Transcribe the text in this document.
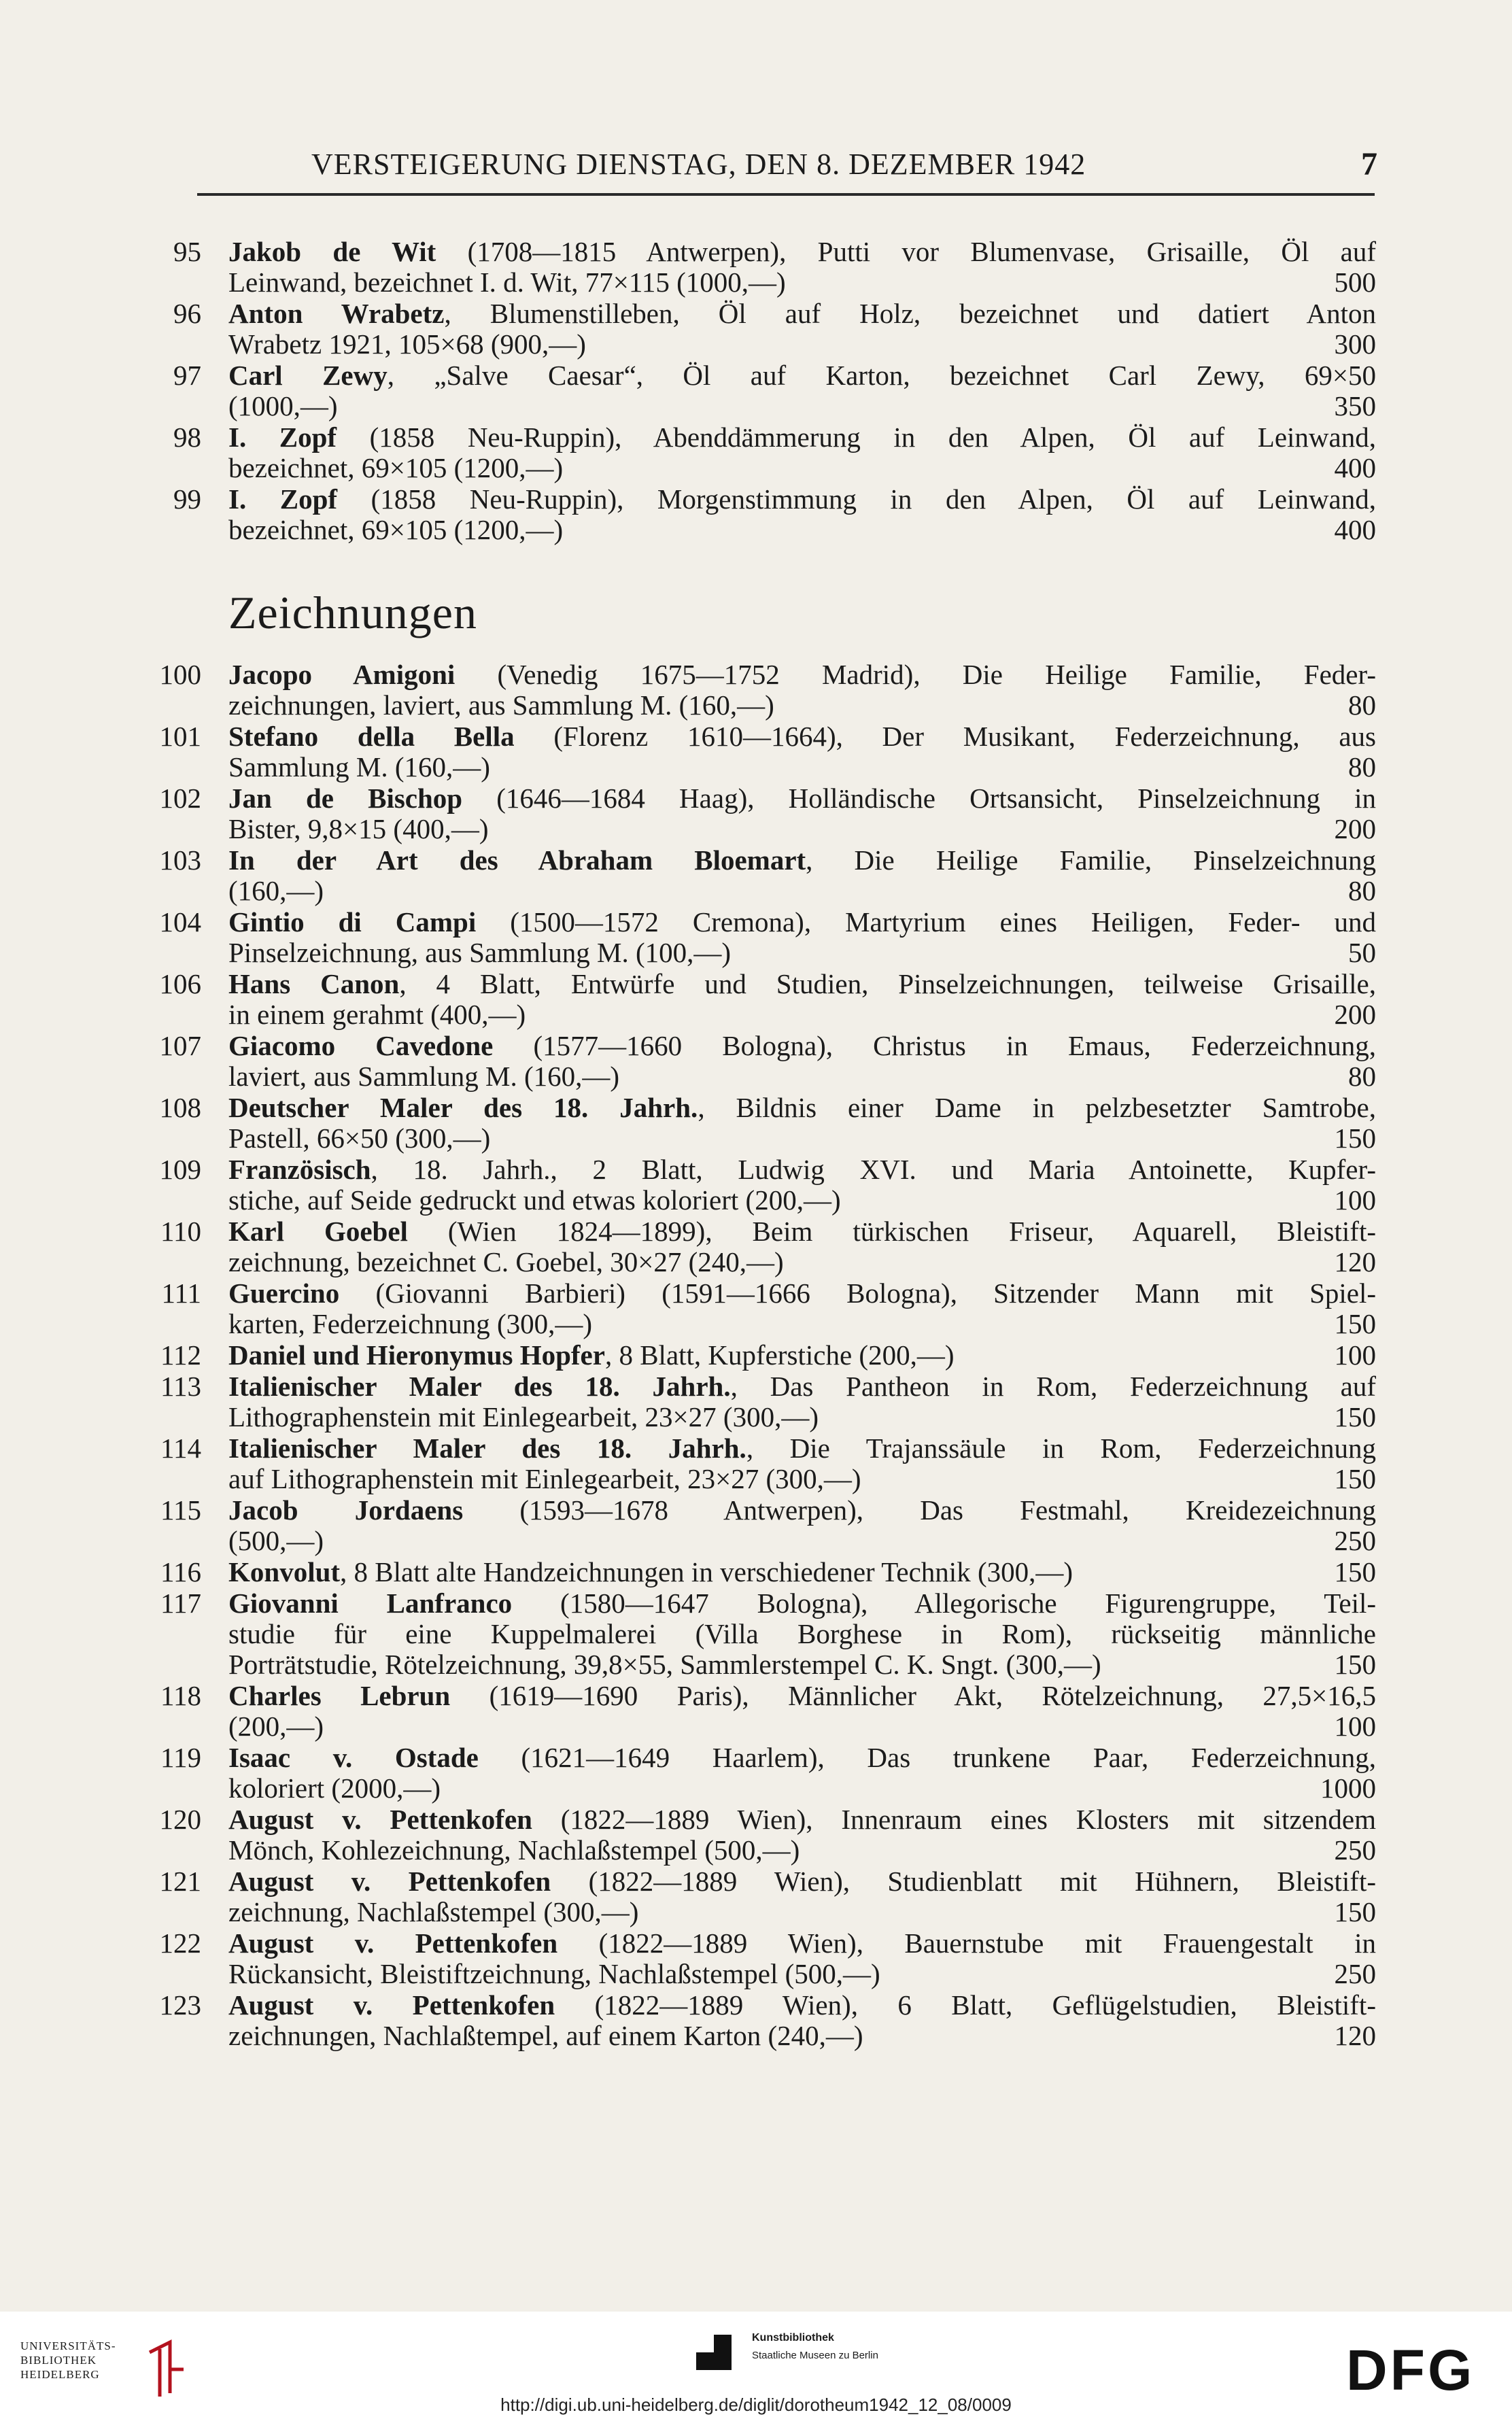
VERSTEIGERUNG DIENSTAG, DEN 8. DEZEMBER 1942	7
95 Jakob de Wit (1708—1815 Antwerpen), Putti vor Blumenvase, Grisaille, Öl auf
Leinwand, bezeichnet I. d. Wit, 77×115 (1000,—)	500
96 Anton Wrabetz, Blumenstilleben, Öl auf Holz, bezeichnet und datiert Anton
Wrabetz 1921, 105×68 (900,—)	300
97 Carl Zewy, „Salve Caesar“, Öl auf Karton, bezeichnet Carl Zewy, 69×50
(1000,—)	350
98 I. Zopf (1858 Neu-Ruppin), Abenddämmerung in den Alpen, Öl auf Leinwand,
bezeichnet, 69×105 (1200,—)	400
99 I. Zopf (1858 Neu-Ruppin), Morgenstimmung in den Alpen, Öl auf Leinwand,
bezeichnet, 69×105 (1200,—)	400
Zeichnungen
100 Jacopo Amigoni (Venedig 1675—1752 Madrid), Die Heilige Familie, Feder-
zeichnungen, laviert, aus Sammlung M. (160,—)	80
101 Stefano della Bella (Florenz 1610—1664), Der Musikant, Federzeichnung, aus
Sammlung M. (160,—)	80
102 Jan de Bischop (1646—1684 Haag), Holländische Ortsansicht, Pinselzeichnung in
Bister, 9,8×15 (400,—)	200
103 In der Art des Abraham Bloemart, Die Heilige Familie, Pinselzeichnung
(160,—)	80
104 Gintio di Campi (1500—1572 Cremona), Martyrium eines Heiligen, Feder- und
Pinselzeichnung, aus Sammlung M. (100,—)	50
106 Hans Canon, 4 Blatt, Entwürfe und Studien, Pinselzeichnungen, teilweise Grisaille,
in einem gerahmt (400,—)	200
107 Giacomo Cavedone (1577—1660 Bologna), Christus in Emaus, Federzeichnung,
laviert, aus Sammlung M. (160,—)	80
108 Deutscher Maler des 18. Jahrh., Bildnis einer Dame in pelzbesetzter Samtrobe,
Pastell, 66×50 (300,—)	150
109 Französisch, 18. Jahrh., 2 Blatt, Ludwig XVI. und Maria Antoinette, Kupfer-
stiche, auf Seide gedruckt und etwas koloriert (200,—)	100
110 Karl Goebel (Wien 1824—1899), Beim türkischen Friseur, Aquarell, Bleistift-
zeichnung, bezeichnet C. Goebel, 30×27 (240,—)	120
111 Guercino (Giovanni Barbieri) (1591—1666 Bologna), Sitzender Mann mit Spiel-
karten, Federzeichnung (300,—)	150
112 Daniel und Hieronymus Hopfer, 8 Blatt, Kupferstiche (200,—)	100
113 Italienischer Maler des 18. Jahrh., Das Pantheon in Rom, Federzeichnung auf
Lithographenstein mit Einlegearbeit, 23×27 (300,—)	150
114 Italienischer Maler des 18. Jahrh., Die Trajanssäule in Rom, Federzeichnung
auf Lithographenstein mit Einlegearbeit, 23×27 (300,—)	150
115 Jacob Jordaens (1593—1678 Antwerpen), Das Festmahl, Kreidezeichnung
(500,—)	250
116 Konvolut, 8 Blatt alte Handzeichnungen in verschiedener Technik (300,—)	150
117 Giovanni Lanfranco (1580—1647 Bologna), Allegorische Figurengruppe, Teil-
studie für eine Kuppelmalerei (Villa Borghese in Rom), rückseitig männliche
Porträtstudie, Rötelzeichnung, 39,8×55, Sammlerstempel C. K. Sngt. (300,—)	150
118 Charles Lebrun (1619—1690 Paris), Männlicher Akt, Rötelzeichnung, 27,5×16,5
(200,—)	100
119 Isaac v. Ostade (1621—1649 Haarlem), Das trunkene Paar, Federzeichnung,
koloriert (2000,—)	1000
120 August v. Pettenkofen (1822—1889 Wien), Innenraum eines Klosters mit sitzendem
Mönch, Kohlezeichnung, Nachlaßstempel (500,—)	250
121 August v. Pettenkofen (1822—1889 Wien), Studienblatt mit Hühnern, Bleistift-
zeichnung, Nachlaßstempel (300,—)	150
122 August v. Pettenkofen (1822—1889 Wien), Bauernstube mit Frauengestalt in
Rückansicht, Bleistiftzeichnung, Nachlaßstempel (500,—)	250
123 August v. Pettenkofen (1822—1889 Wien), 6 Blatt, Geflügelstudien, Bleistift-
zeichnungen, Nachlaßtempel, auf einem Karton (240,—)	120
UNIVERSITÄTS-
BIBLIOTHEK
HEIDELBERG
Kunstbibliothek
Staatliche Museen zu Berlin	DFG
http://digi.ub.uni-heidelberg.de/diglit/dorotheum1942_12_08/0009
